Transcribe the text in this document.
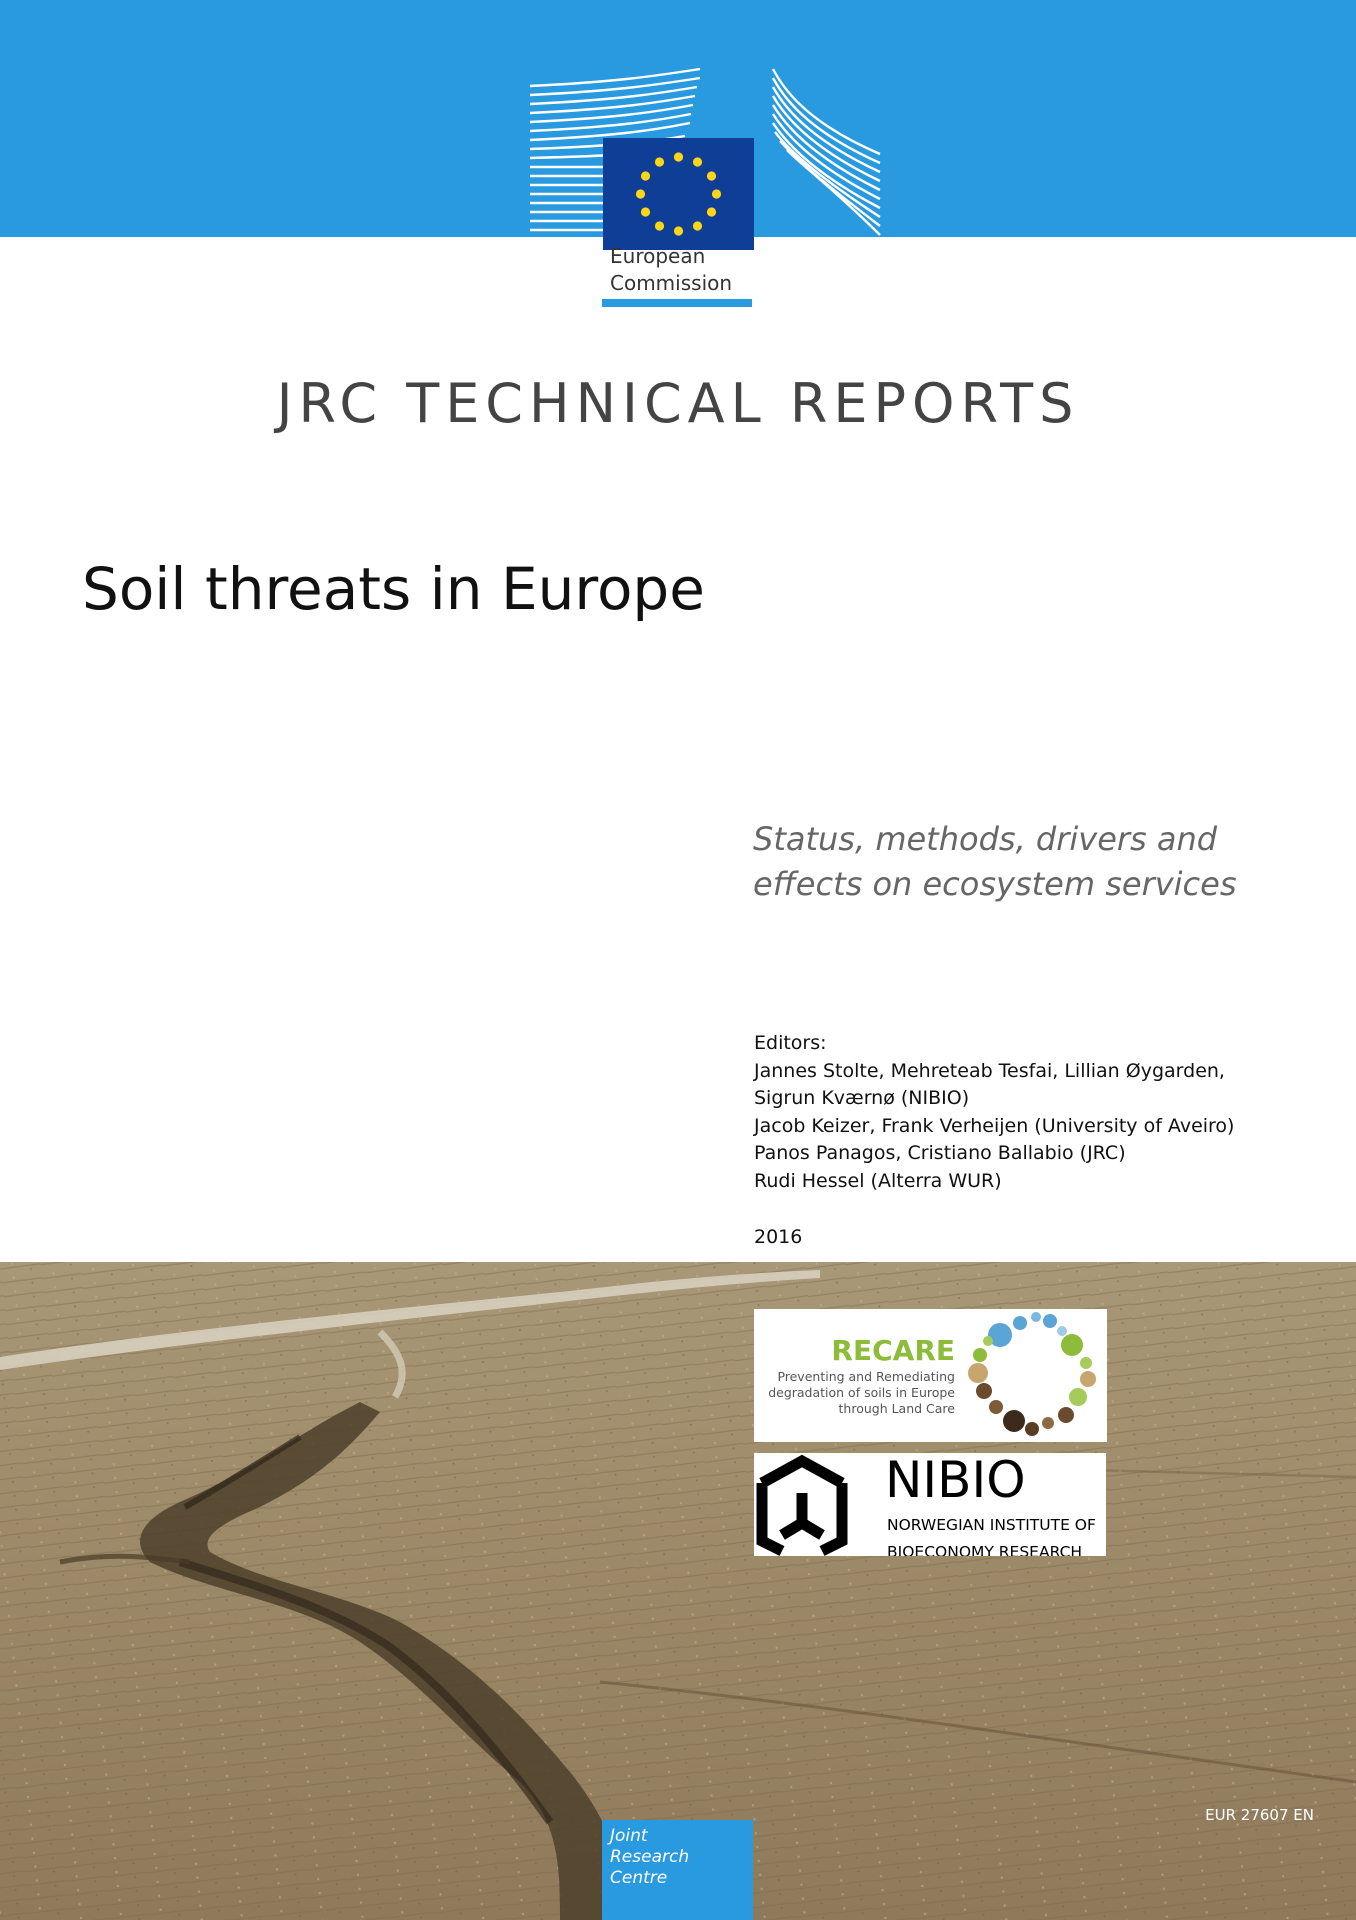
European
Commission
JRC TECHNICAL REPORTS
Soil threats in Europe
Status, methods, drivers and
effects on ecosystem services
Editors:
Jannes Stolte, Mehreteab Tesfai, Lillian Øygarden,
Sigrun Kværnø (NIBIO)
Jacob Keizer, Frank Verheijen (University of Aveiro)
Panos Panagos, Cristiano Ballabio (JRC)
Rudi Hessel (Alterra WUR)
2016
RECARE
Preventing and Remediating
degradation of soils in Europe
through Land Care
NIBIO
NORWEGIAN INSTITUTE OF
BIOECONOMY RESEARCH
EUR 27607 EN
Joint
Research
Centre
